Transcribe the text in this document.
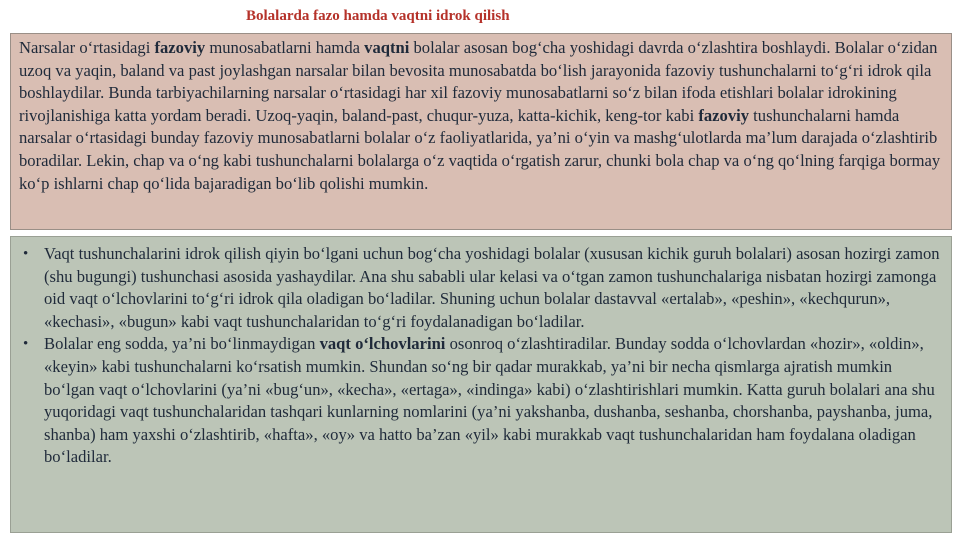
Bolalarda fazo hamda vaqtni idrok qilish
Narsalar o‘rtasidagi fazoviy munosabatlarni hamda vaqtni bolalar asosan bog‘cha yoshidagi davrda o‘zlashtira boshlaydi. Bolalar o‘zidan uzoq va yaqin, baland va past joylashgan narsalar bilan bevosita munosabatda bo‘lish jarayonida fazoviy tushunchalarni to‘g‘ri idrok qila boshlaydilar. Bunda tarbiyachilarning narsalar o‘rtasidagi har xil fazoviy munosabatlarni so‘z bilan ifoda etishlari bolalar idrokining rivojlanishiga katta yordam beradi. Uzoq-yaqin, baland-past, chuqur-yuza, katta-kichik, keng-tor kabi fazoviy tushunchalarni hamda narsalar o‘rtasidagi bunday fazoviy munosabatlarni bolalar o‘z faoliyatlarida, ya’ni o‘yin va mashg‘ulotlarda ma’lum darajada o‘zlashtirib boradilar. Lekin, chap va o‘ng kabi tushunchalarni bolalarga o‘z vaqtida o‘rgatish zarur, chunki bola chap va o‘ng qo‘lning farqiga bormay ko‘p ishlarni chap qo‘lida bajaradigan bo‘lib qolishi mumkin.
• Vaqt tushunchalarini idrok qilish qiyin bo‘lgani uchun bog‘cha yoshidagi bolalar (xususan kichik guruh bolalari) asosan hozirgi zamon (shu bugungi) tushunchasi asosida yashaydilar. Ana shu sababli ular kelasi va o‘tgan zamon tushunchalariga nisbatan hozirgi zamonga oid vaqt o‘lchovlarini to‘g‘ri idrok qila oladigan bo‘ladilar. Shuning uchun bolalar dastavval «ertalab», «peshin», «kechqurun», «kechasi», «bugun» kabi vaqt tushunchalaridan to‘g‘ri foydalanadigan bo‘ladilar.
• Bolalar eng sodda, ya’ni bo‘linmaydigan vaqt o‘lchovlarini osonroq o‘zlashtiradilar. Bunday sodda o‘lchovlardan «hozir», «oldin», «keyin» kabi tushunchalarni ko‘rsatish mumkin. Shundan so‘ng bir qadar murakkab, ya’ni bir necha qismlarga ajratish mumkin bo‘lgan vaqt o‘lchovlarini (ya’ni «bug‘un», «kecha», «ertaga», «indinga» kabi) o‘zlashtirishlari mumkin. Katta guruh bolalari ana shu yuqoridagi vaqt tushunchalaridan tashqari kunlarning nomlarini (ya’ni yakshanba, dushanba, seshanba, chorshanba, payshanba, juma, shanba) ham yaxshi o‘zlashtirib, «hafta», «oy» va hatto ba’zan «yil» kabi murakkab vaqt tushunchalaridan ham foydalana oladigan bo‘ladilar.
